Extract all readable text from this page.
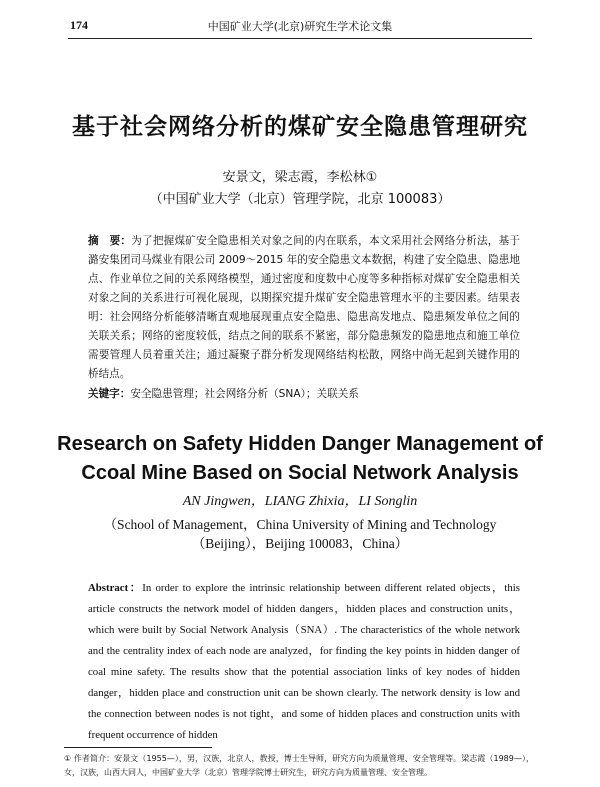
174	中国矿业大学(北京)研究生学术论文集
基于社会网络分析的煤矿安全隐患管理研究
安景文，梁志霞，李松林①
（中国矿业大学（北京）管理学院，北京 100083）
摘　要：为了把握煤矿安全隐患相关对象之间的内在联系，本文采用社会网络分析法，基于潞安集团司马煤业有限公司 2009～2015 年的安全隐患文本数据，构建了安全隐患、隐患地点、作业单位之间的关系网络模型，通过密度和度数中心度等多种指标对煤矿安全隐患相关对象之间的关系进行可视化展现，以期探究提升煤矿安全隐患管理水平的主要因素。结果表明：社会网络分析能够清晰直观地展现重点安全隐患、隐患高发地点、隐患频发单位之间的关联关系；网络的密度较低，结点之间的联系不紧密，部分隐患频发的隐患地点和施工单位需要管理人员着重关注；通过凝聚子群分析发现网络结构松散，网络中尚无起到关键作用的桥结点。
关键字：安全隐患管理；社会网络分析（SNA）；关联关系
Research on Safety Hidden Danger Management of Ccoal Mine Based on Social Network Analysis
AN Jingwen，LIANG Zhixia，LI Songlin
（School of Management，China University of Mining and Technology（Beijing），Beijing 100083，China）
Abstract：In order to explore the intrinsic relationship between different related objects，this article constructs the network model of hidden dangers，hidden places and construction units，which were built by Social Network Analysis（SNA）. The characteristics of the whole network and the centrality index of each node are analyzed，for finding the key points in hidden danger of coal mine safety. The results show that the potential association links of key nodes of hidden danger，hidden place and construction unit can be shown clearly. The network density is low and the connection between nodes is not tight，and some of hidden places and construction units with frequent occurrence of hidden
① 作者简介：安景文（1955—），男，汉族，北京人，教授，博士生导师，研究方向为质量管理、安全管理等。梁志霞（1989—），女，汉族，山西大同人，中国矿业大学（北京）管理学院博士研究生，研究方向为质量管理、安全管理。
